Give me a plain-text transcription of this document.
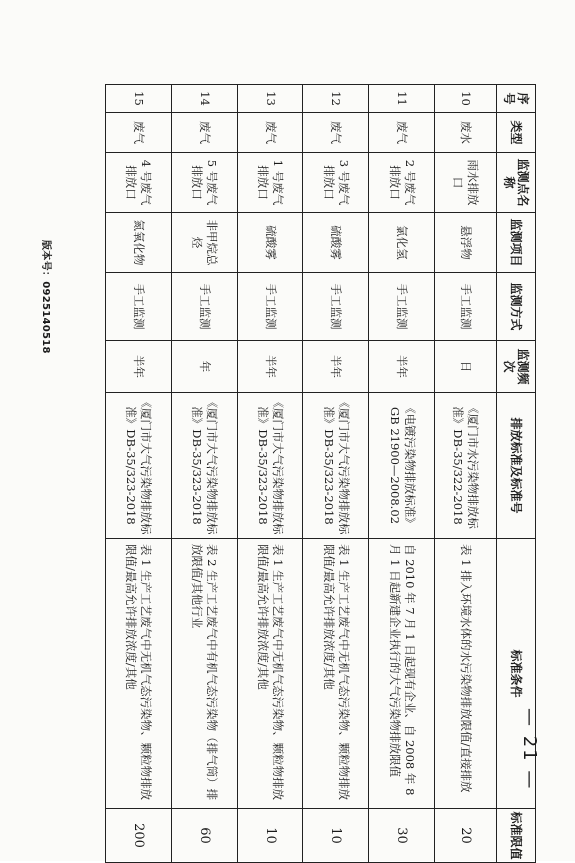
版本号：0925140518
序号	类型	监测点名称	监测项目	监测方式	监测频次	排放标准及标准号	标准条件	标准限值
10	废水	雨水排放口	悬浮物	手工监测	日	《厦门市水污染物排放标准》DB-35/322-2018	表 1 排入环境水体的水污染物排放限值/直接排放	20
11	废气	2 号废气排放口	氯化氢	手工监测	半年	《电镀污染物排放标准》GB 21900—2008.02	自 2010 年 7 月 1 日起现有企业、自 2008 年 8 月 1 日起新建企业执行的大气污染物排放限值	30
12	废气	3 号废气排放口	硫酸雾	手工监测	半年	《厦门市大气污染物排放标准》DB-35/323-2018	表 1 生产工艺废气中无机气态污染物、颗粒物排放限值/最高允许排放浓度/其他	10
13	废气	1 号废气排放口	硫酸雾	手工监测	半年	《厦门市大气污染物排放标准》DB-35/323-2018	表 1 生产工艺废气中无机气态污染物、颗粒物排放限值/最高允许排放浓度/其他	10
14	废气	5 号废气排放口	非甲烷总烃	手工监测	年	《厦门市大气污染物排放标准》DB-35/323-2018	表 2 生产工艺废气中有机气态污染物（排气筒）排放限值/其他行业	60
15	废气	4 号废气排放口	氮氧化物	手工监测	半年	《厦门市大气污染物排放标准》DB-35/323-2018	表 1 生产工艺废气中无机气态污染物、颗粒物排放限值/最高允许排放浓度/其他	200
— 21 —
